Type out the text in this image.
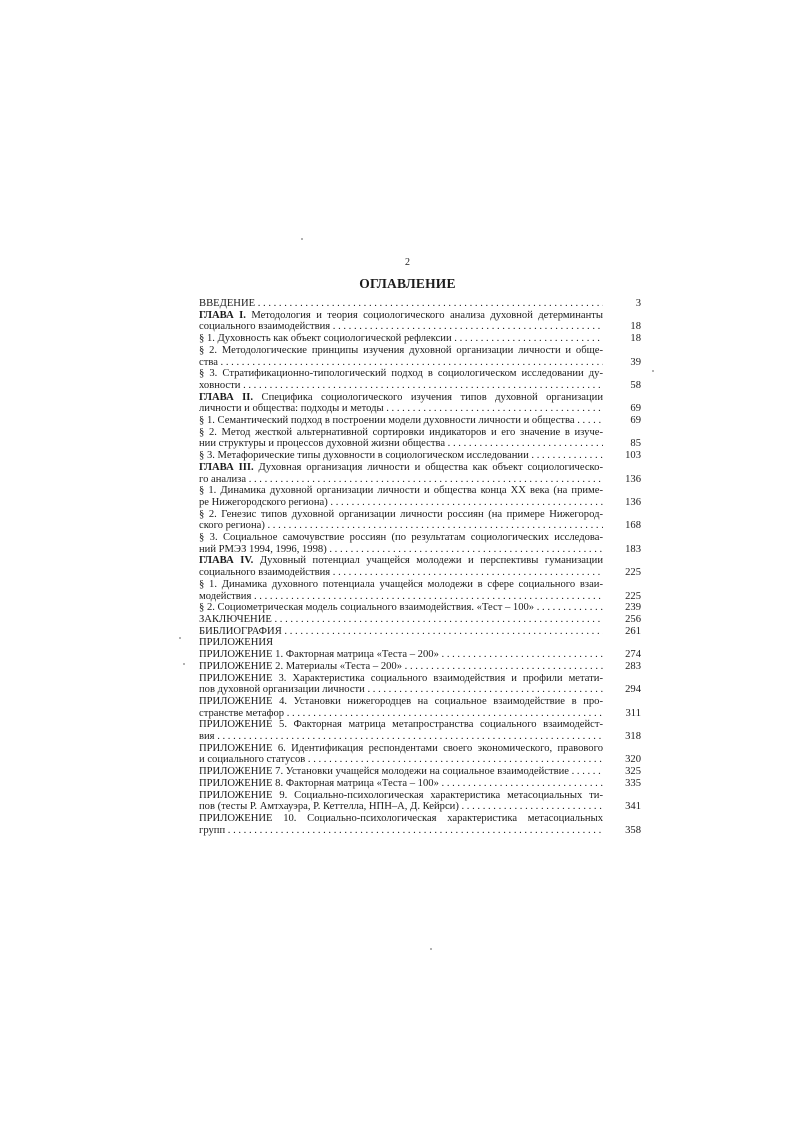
2
ОГЛАВЛЕНИЕ
ВВЕДЕНИЕ . . .	3
ГЛАВА I. Методология и теория социологического анализа духовной детерминанты
социального взаимодействия . . .	18
§ 1. Духовность как объект социологической рефлексии . . .	18
§ 2. Методологические принципы изучения духовной организации личности и обще-
ства . . .	39
§ 3. Стратификационно-типологический подход в социологическом исследовании ду-
ховности . . .	58
ГЛАВА II. Специфика социологического изучения типов духовной организации
личности и общества: подходы и методы . . .	69
§ 1. Семантический подход в построении модели духовности личности и общества . . .	69
§ 2. Метод жесткой альтернативной сортировки индикаторов и его значение в изуче-
нии структуры и процессов духовной жизни общества . . .	85
§ 3. Метафорические типы духовности в социологическом исследовании . . .	103
ГЛАВА III. Духовная организация личности и общества как объект социологическо-
го анализа . . .	136
§ 1. Динамика духовной организации личности и общества конца XX века (на приме-
ре Нижегородского региона) . . .	136
§ 2. Генезис типов духовной организации личности россиян (на примере Нижегород-
ского региона) . . .	168
§ 3. Социальное самочувствие россиян (по результатам социологических исследова-
ний РМЭЗ 1994, 1996, 1998) . . .	183
ГЛАВА IV. Духовный потенциал учащейся молодежи и перспективы гуманизации
социального взаимодействия . . .	225
§ 1. Динамика духовного потенциала учащейся молодежи в сфере социального взаи-
модействия . . .	225
§ 2. Социометрическая модель социального взаимодействия. «Тест – 100» . . .	239
ЗАКЛЮЧЕНИЕ . . .	256
БИБЛИОГРАФИЯ . . .	261
ПРИЛОЖЕНИЯ
ПРИЛОЖЕНИЕ 1. Факторная матрица «Теста – 200» . . .	274
ПРИЛОЖЕНИЕ 2. Материалы «Теста – 200» . . .	283
ПРИЛОЖЕНИЕ 3. Характеристика социального взаимодействия и профили метати-
пов духовной организации личности . . .	294
ПРИЛОЖЕНИЕ 4. Установки нижегородцев на социальное взаимодействие в про-
странстве метафор . . .	311
ПРИЛОЖЕНИЕ 5. Факторная матрица метапространства социального взаимодейст-
вия . . .	318
ПРИЛОЖЕНИЕ 6. Идентификация респондентами своего экономического, правового
и социального статусов . . .	320
ПРИЛОЖЕНИЕ 7. Установки учащейся молодежи на социальное взаимодействие . . .	325
ПРИЛОЖЕНИЕ 8. Факторная матрица «Теста – 100» . . .	335
ПРИЛОЖЕНИЕ 9. Социально-психологическая характеристика метасоциальных ти-
пов (тесты Р. Амтхауэра, Р. Кеттелла, НПН–А, Д. Кейрси) . . .	341
ПРИЛОЖЕНИЕ 10. Социально-психологическая характеристика метасоциальных
групп . . .	358
